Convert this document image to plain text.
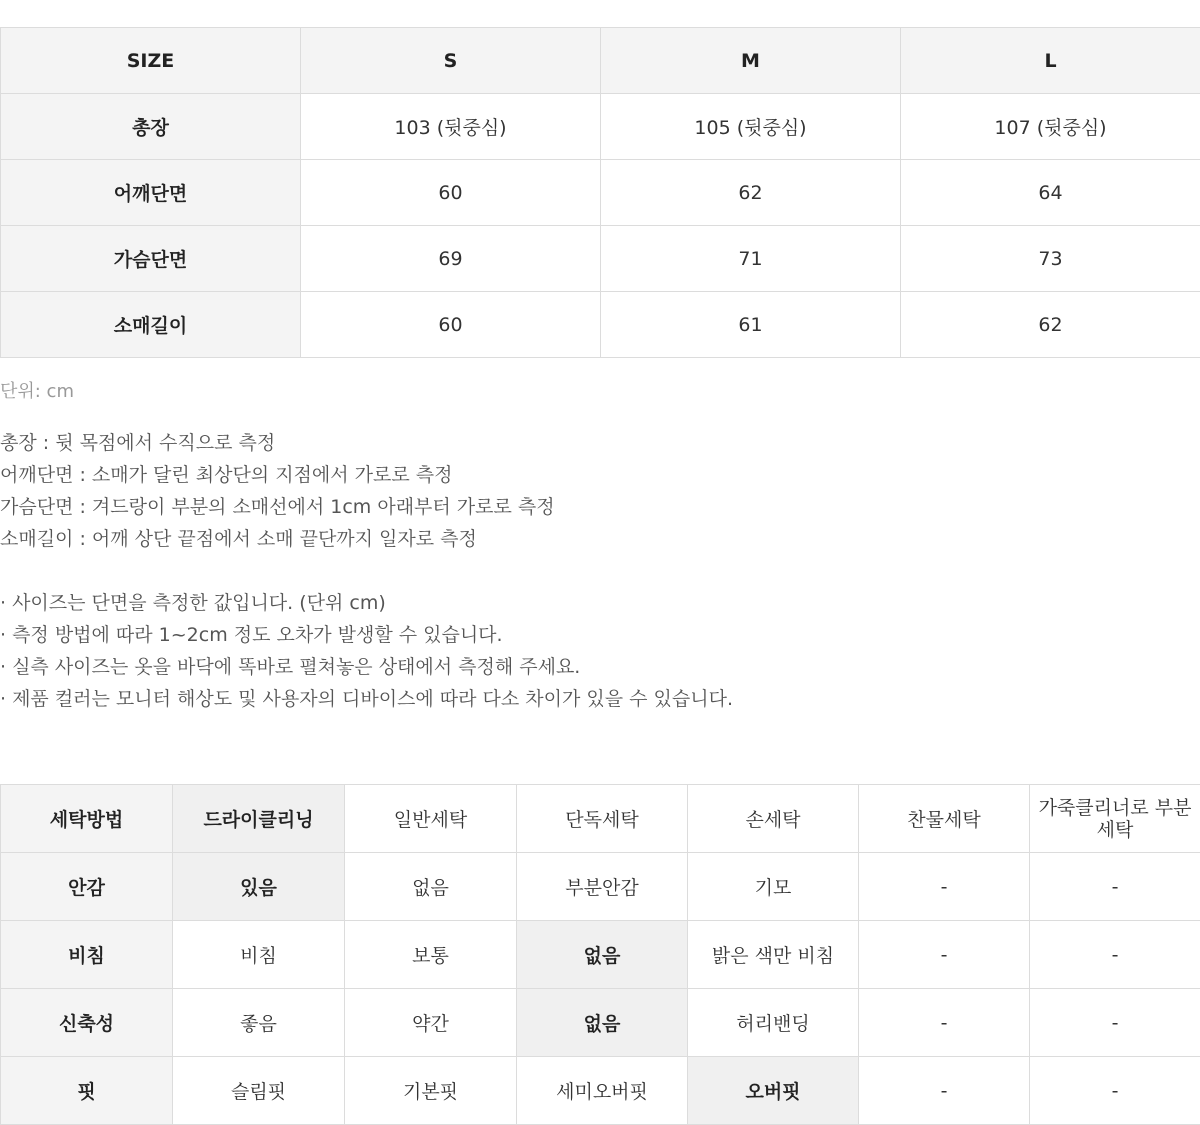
SIZE	S	M	L
총장	103 (뒷중심)	105 (뒷중심)	107 (뒷중심)
어깨단면	60	62	64
가슴단면	69	71	73
소매길이	60	61	62
단위: cm
총장 : 뒷 목점에서 수직으로 측정
어깨단면 : 소매가 달린 최상단의 지점에서 가로로 측정
가슴단면 : 겨드랑이 부분의 소매선에서 1cm 아래부터 가로로 측정
소매길이 : 어깨 상단 끝점에서 소매 끝단까지 일자로 측정
· 사이즈는 단면을 측정한 값입니다. (단위 cm)
· 측정 방법에 따라 1~2cm 정도 오차가 발생할 수 있습니다.
· 실측 사이즈는 옷을 바닥에 똑바로 펼쳐놓은 상태에서 측정해 주세요.
· 제품 컬러는 모니터 해상도 및 사용자의 디바이스에 따라 다소 차이가 있을 수 있습니다.
세탁방법	드라이클리닝	일반세탁	단독세탁	손세탁	찬물세탁	가죽클리너로 부분세탁
안감	있음	없음	부분안감	기모	-	-
비침	비침	보통	없음	밝은 색만 비침	-	-
신축성	좋음	약간	없음	허리밴딩	-	-
핏	슬림핏	기본핏	세미오버핏	오버핏	-	-
